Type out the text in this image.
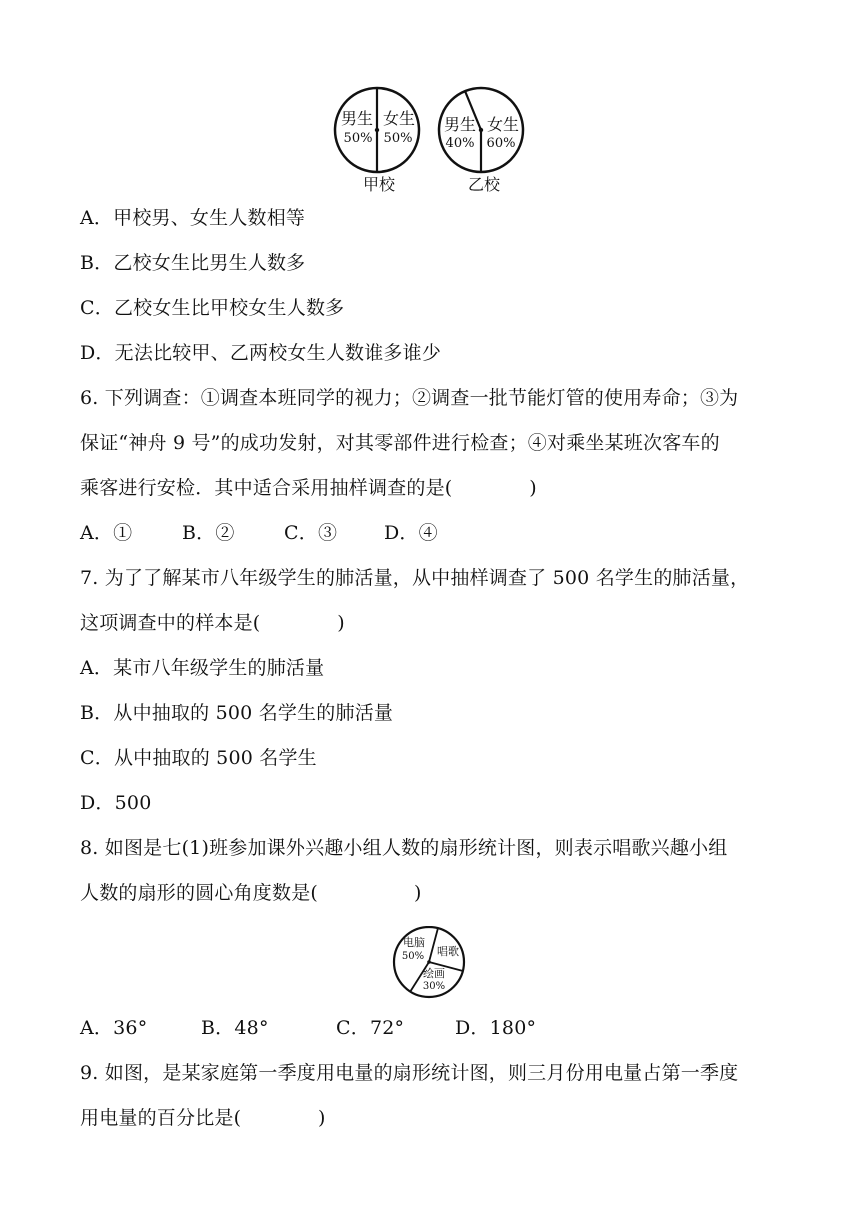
男生
50%
女生
50%
甲校
男生
40%
女生
60%
乙校
A．甲校男、女生人数相等
B．乙校女生比男生人数多
C．乙校女生比甲校女生人数多
D．无法比较甲、乙两校女生人数谁多谁少
6. 下列调查：①调查本班同学的视力；②调查一批节能灯管的使用寿命；③为
保证“神舟 9 号”的成功发射，对其零部件进行检查；④对乘坐某班次客车的
乘客进行安检．其中适合采用抽样调查的是(　　　　)
A．①	B．②	C．③ D．④
7. 为了了解某市八年级学生的肺活量，从中抽样调查了 500 名学生的肺活量，
这项调查中的样本是(　　　　)
A．某市八年级学生的肺活量
B．从中抽取的 500 名学生的肺活量
C．从中抽取的 500 名学生
D．500
8. 如图是七(1)班参加课外兴趣小组人数的扇形统计图，则表示唱歌兴趣小组
人数的扇形的圆心角度数是(　　　　　)
电脑
50% 唱歌
绘画
30%
A．36°	B．48°	C．72°	D．180°
9. 如图，是某家庭第一季度用电量的扇形统计图，则三月份用电量占第一季度
用电量的百分比是(　　　　)
